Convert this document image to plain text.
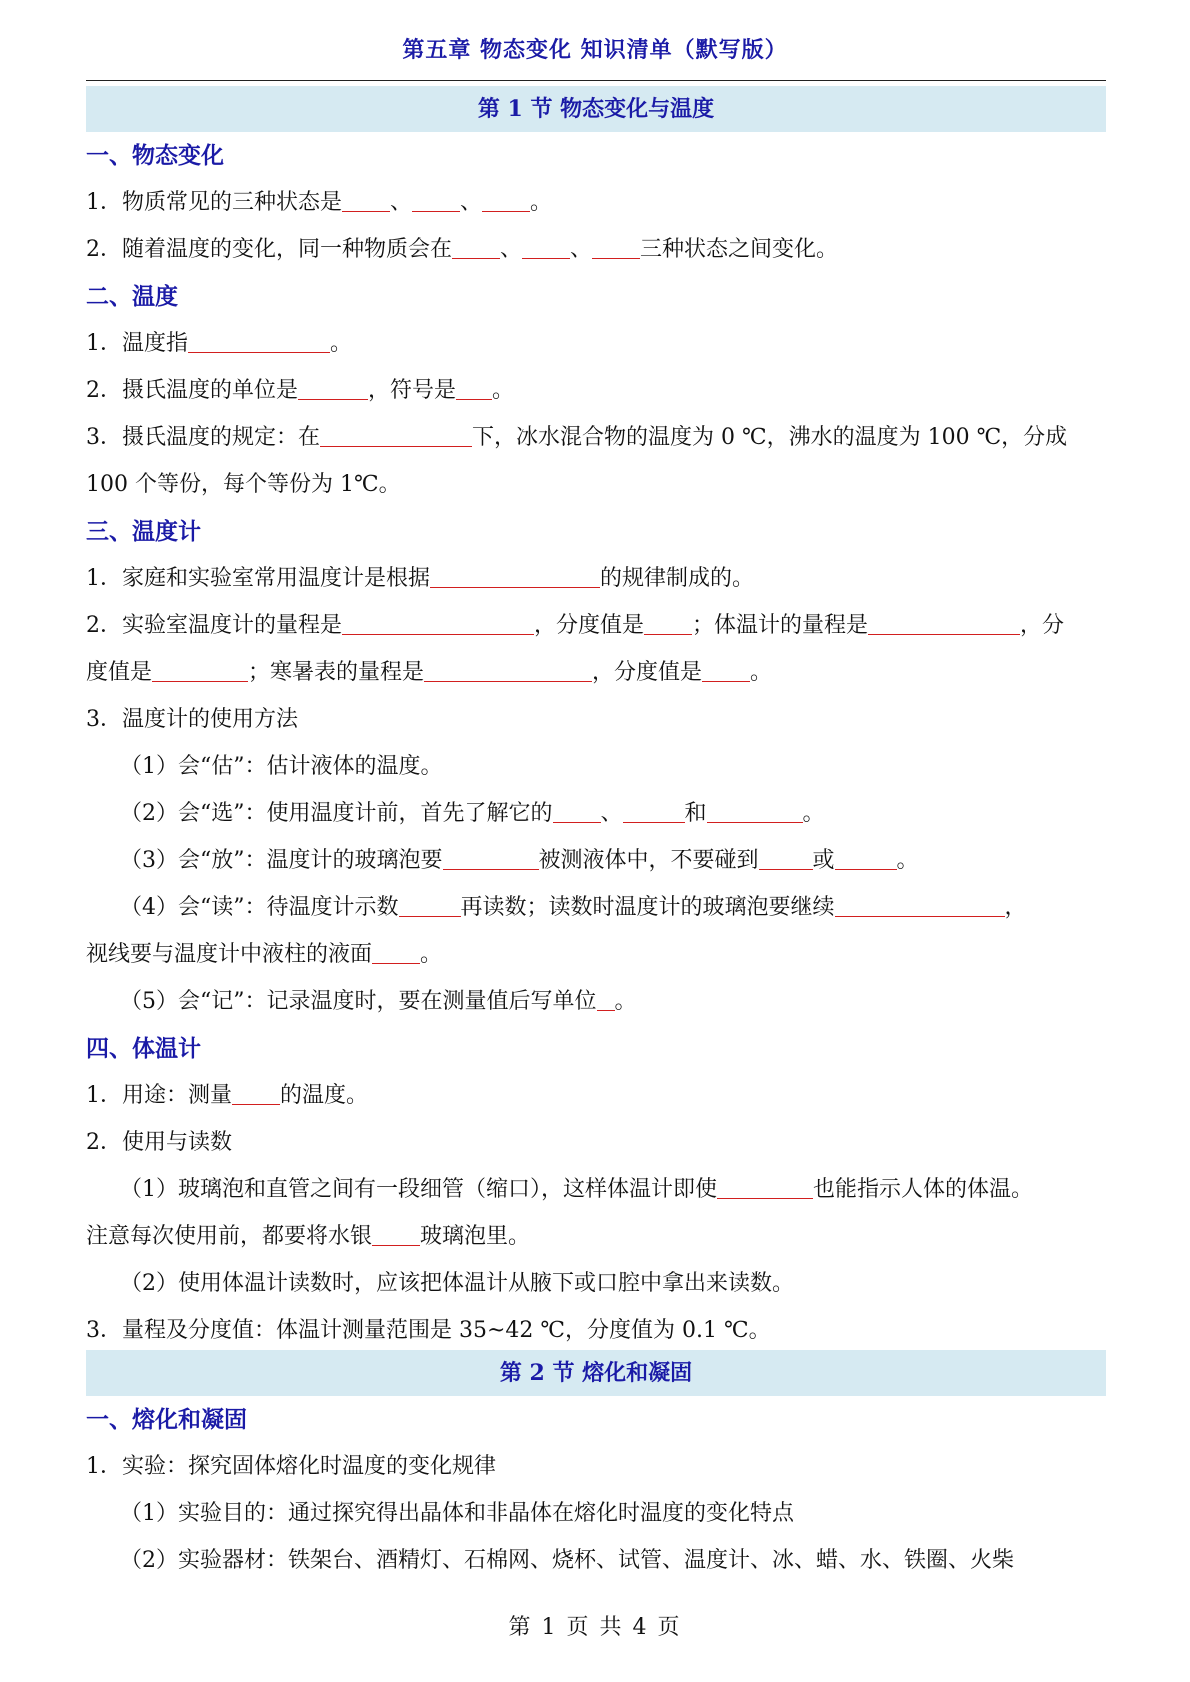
第五章 物态变化 知识清单（默写版）
第 1 节 物态变化与温度
一、物态变化
1．物质常见的三种状态是 、 、 。
2．随着温度的变化，同一种物质会在 、 、 三种状态之间变化。
二、温度
1．温度指	。
2．摄氏温度的单位是	，符号是 。
3．摄氏温度的规定：在	下，冰水混合物的温度为 0 ℃，沸水的温度为 100 ℃，分成
100 个等份，每个等份为 1℃。
三、温度计
1．家庭和实验室常用温度计是根据	的规律制成的。
2．实验室温度计的量程是	，分度值是 ；体温计的量程是	，分
度值是	；寒暑表的量程是	，分度值是 。
3．温度计的使用方法
（1）会“估”：估计液体的温度。
（2）会“选”：使用温度计前，首先了解它的 、	和	。
（3）会“放”：温度计的玻璃泡要	被测液体中，不要碰到 或	。
（4）会“读”：待温度计示数	再读数；读数时温度计的玻璃泡要继续	，
视线要与温度计中液柱的液面 。
（5）会“记”：记录温度时，要在测量值后写单位 。
四、体温计
1．用途：测量 的温度。
2．使用与读数
（1）玻璃泡和直管之间有一段细管（缩口），这样体温计即使	也能指示人体的体温。
注意每次使用前，都要将水银 玻璃泡里。
（2）使用体温计读数时，应该把体温计从腋下或口腔中拿出来读数。
3．量程及分度值：体温计测量范围是 35~42 ℃，分度值为 0.1 ℃。
第 2 节 熔化和凝固
一、熔化和凝固
1．实验：探究固体熔化时温度的变化规律
（1）实验目的：通过探究得出晶体和非晶体在熔化时温度的变化特点
（2）实验器材：铁架台、酒精灯、石棉网、烧杯、试管、温度计、冰、蜡、水、铁圈、火柴
第 1 页 共 4 页
